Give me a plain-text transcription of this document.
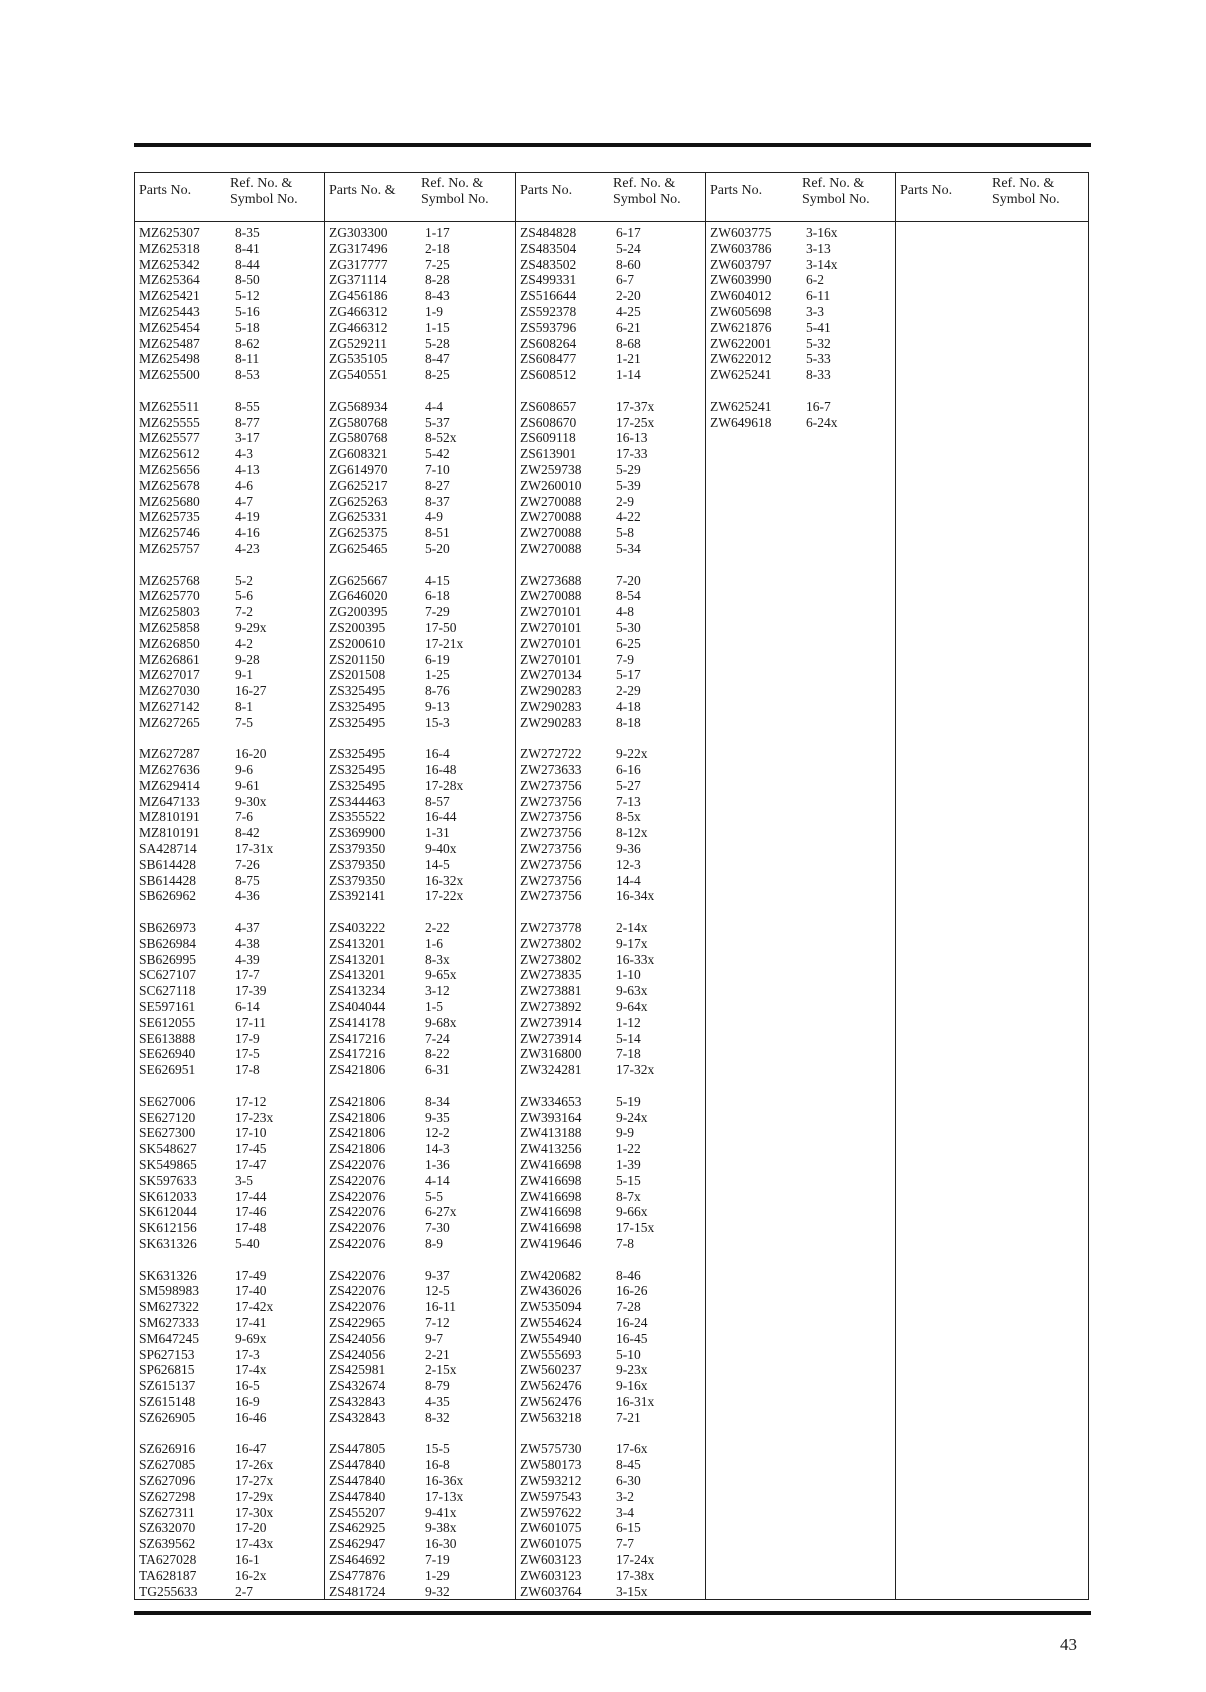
Parts No.	Ref. No. &
Symbol No.
MZ625307	8-35
MZ625318	8-41
MZ625342	8-44
MZ625364	8-50
MZ625421	5-12
MZ625443	5-16
MZ625454	5-18
MZ625487	8-62
MZ625498	8-11
MZ625500	8-53
MZ625511	8-55
MZ625555	8-77
MZ625577	3-17
MZ625612	4-3
MZ625656	4-13
MZ625678	4-6
MZ625680	4-7
MZ625735	4-19
MZ625746	4-16
MZ625757	4-23
MZ625768	5-2
MZ625770	5-6
MZ625803	7-2
MZ625858	9-29x
MZ626850	4-2
MZ626861	9-28
MZ627017	9-1
MZ627030	16-27
MZ627142	8-1
MZ627265	7-5
MZ627287	16-20
MZ627636	9-6
MZ629414	9-61
MZ647133	9-30x
MZ810191	7-6
MZ810191	8-42
SA428714	17-31x
SB614428	7-26
SB614428	8-75
SB626962	4-36
SB626973	4-37
SB626984	4-38
SB626995	4-39
SC627107	17-7
SC627118	17-39
SE597161	6-14
SE612055	17-11
SE613888	17-9
SE626940	17-5
SE626951	17-8
SE627006	17-12
SE627120	17-23x
SE627300	17-10
SK548627	17-45
SK549865	17-47
SK597633	3-5
SK612033	17-44
SK612044	17-46
SK612156	17-48
SK631326	5-40
SK631326	17-49
SM598983	17-40
SM627322	17-42x
SM627333	17-41
SM647245	9-69x
SP627153	17-3
SP626815	17-4x
SZ615137	16-5
SZ615148	16-9
SZ626905	16-46
SZ626916	16-47
SZ627085	17-26x
SZ627096	17-27x
SZ627298	17-29x
SZ627311	17-30x
SZ632070	17-20
SZ639562	17-43x
TA627028	16-1
TA628187	16-2x
TG255633	2-7
Parts No. & Ref. No. &
Symbol No.
ZG303300	1-17
ZG317496	2-18
ZG317777	7-25
ZG371114	8-28
ZG456186	8-43
ZG466312	1-9
ZG466312	1-15
ZG529211	5-28
ZG535105	8-47
ZG540551	8-25
ZG568934	4-4
ZG580768	5-37
ZG580768	8-52x
ZG608321	5-42
ZG614970	7-10
ZG625217	8-27
ZG625263	8-37
ZG625331	4-9
ZG625375	8-51
ZG625465	5-20
ZG625667	4-15
ZG646020	6-18
ZG200395	7-29
ZS200395	17-50
ZS200610	17-21x
ZS201150	6-19
ZS201508	1-25
ZS325495	8-76
ZS325495	9-13
ZS325495	15-3
ZS325495	16-4
ZS325495	16-48
ZS325495	17-28x
ZS344463	8-57
ZS355522	16-44
ZS369900	1-31
ZS379350	9-40x
ZS379350	14-5
ZS379350	16-32x
ZS392141	17-22x
ZS403222	2-22
ZS413201	1-6
ZS413201	8-3x
ZS413201	9-65x
ZS413234	3-12
ZS404044	1-5
ZS414178	9-68x
ZS417216	7-24
ZS417216	8-22
ZS421806	6-31
ZS421806	8-34
ZS421806	9-35
ZS421806	12-2
ZS421806	14-3
ZS422076	1-36
ZS422076	4-14
ZS422076	5-5
ZS422076	6-27x
ZS422076	7-30
ZS422076	8-9
ZS422076	9-37
ZS422076	12-5
ZS422076	16-11
ZS422965	7-12
ZS424056	9-7
ZS424056	2-21
ZS425981	2-15x
ZS432674	8-79
ZS432843	4-35
ZS432843	8-32
ZS447805	15-5
ZS447840	16-8
ZS447840	16-36x
ZS447840	17-13x
ZS455207	9-41x
ZS462925	9-38x
ZS462947	16-30
ZS464692	7-19
ZS477876	1-29
ZS481724	9-32
Parts No.	Ref. No. &
Symbol No.
ZS484828	6-17
ZS483504	5-24
ZS483502	8-60
ZS499331	6-7
ZS516644	2-20
ZS592378	4-25
ZS593796	6-21
ZS608264	8-68
ZS608477	1-21
ZS608512	1-14
ZS608657	17-37x
ZS608670	17-25x
ZS609118	16-13
ZS613901	17-33
ZW259738	5-29
ZW260010	5-39
ZW270088	2-9
ZW270088	4-22
ZW270088	5-8
ZW270088	5-34
ZW273688	7-20
ZW270088	8-54
ZW270101	4-8
ZW270101	5-30
ZW270101	6-25
ZW270101	7-9
ZW270134	5-17
ZW290283	2-29
ZW290283	4-18
ZW290283	8-18
ZW272722	9-22x
ZW273633	6-16
ZW273756	5-27
ZW273756	7-13
ZW273756	8-5x
ZW273756	8-12x
ZW273756	9-36
ZW273756	12-3
ZW273756	14-4
ZW273756	16-34x
ZW273778	2-14x
ZW273802	9-17x
ZW273802	16-33x
ZW273835	1-10
ZW273881	9-63x
ZW273892	9-64x
ZW273914	1-12
ZW273914	5-14
ZW316800	7-18
ZW324281	17-32x
ZW334653	5-19
ZW393164	9-24x
ZW413188	9-9
ZW413256	1-22
ZW416698	1-39
ZW416698	5-15
ZW416698	8-7x
ZW416698	9-66x
ZW416698	17-15x
ZW419646	7-8
ZW420682	8-46
ZW436026	16-26
ZW535094	7-28
ZW554624	16-24
ZW554940	16-45
ZW555693	5-10
ZW560237	9-23x
ZW562476	9-16x
ZW562476	16-31x
ZW563218	7-21
ZW575730	17-6x
ZW580173	8-45
ZW593212	6-30
ZW597543	3-2
ZW597622	3-4
ZW601075	6-15
ZW601075	7-7
ZW603123	17-24x
ZW603123	17-38x
ZW603764	3-15x
Parts No.	Ref. No. &
Symbol No.
ZW603775	3-16x
ZW603786	3-13
ZW603797	3-14x
ZW603990	6-2
ZW604012	6-11
ZW605698	3-3
ZW621876	5-41
ZW622001	5-32
ZW622012	5-33
ZW625241	8-33
ZW625241	16-7
ZW649618	6-24x
Parts No.	Ref. No. &
Symbol No.
43
